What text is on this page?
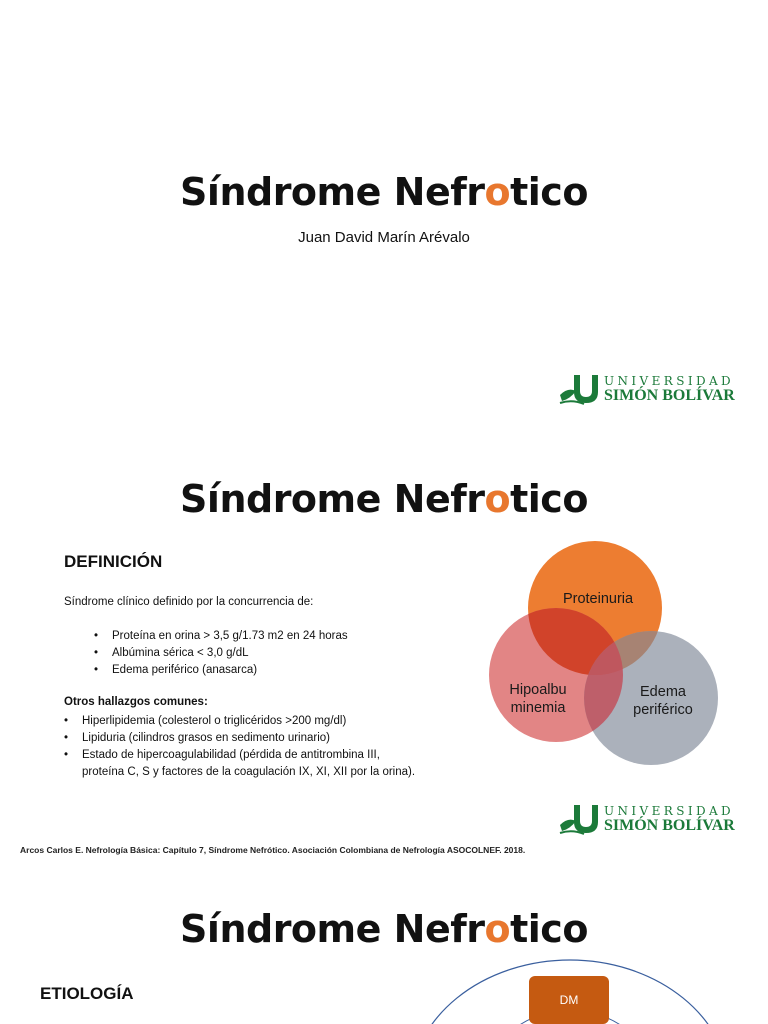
Síndrome Nefrotico
Juan David Marín Arévalo
UNIVERSIDAD
SIMÓN BOLÍVAR
Síndrome Nefrotico
DEFINICIÓN
Síndrome clínico definido por la concurrencia de:
• Proteína en orina > 3,5 g/1.73 m2 en 24 horas
• Albúmina sérica < 3,0 g/dL
• Edema periférico (anasarca)
Otros hallazgos comunes:
• Hiperlipidemia (colesterol o triglicéridos >200 mg/dl)
• Lipiduria (cilindros grasos en sedimento urinario)
• Estado de hipercoagulabilidad (pérdida de antitrombina III,
proteína C, S y factores de la coagulación IX, XI, XII por la orina).
Proteinuria
Hipoalbu
minemia
Edema
periférico
UNIVERSIDAD
SIMÓN BOLÍVAR
Arcos Carlos E. Nefrología Básica: Capítulo 7, Síndrome Nefrótico. Asociación Colombiana de Nefrología ASOCOLNEF. 2018.
Síndrome Nefrotico
ETIOLOGÍA	DM
